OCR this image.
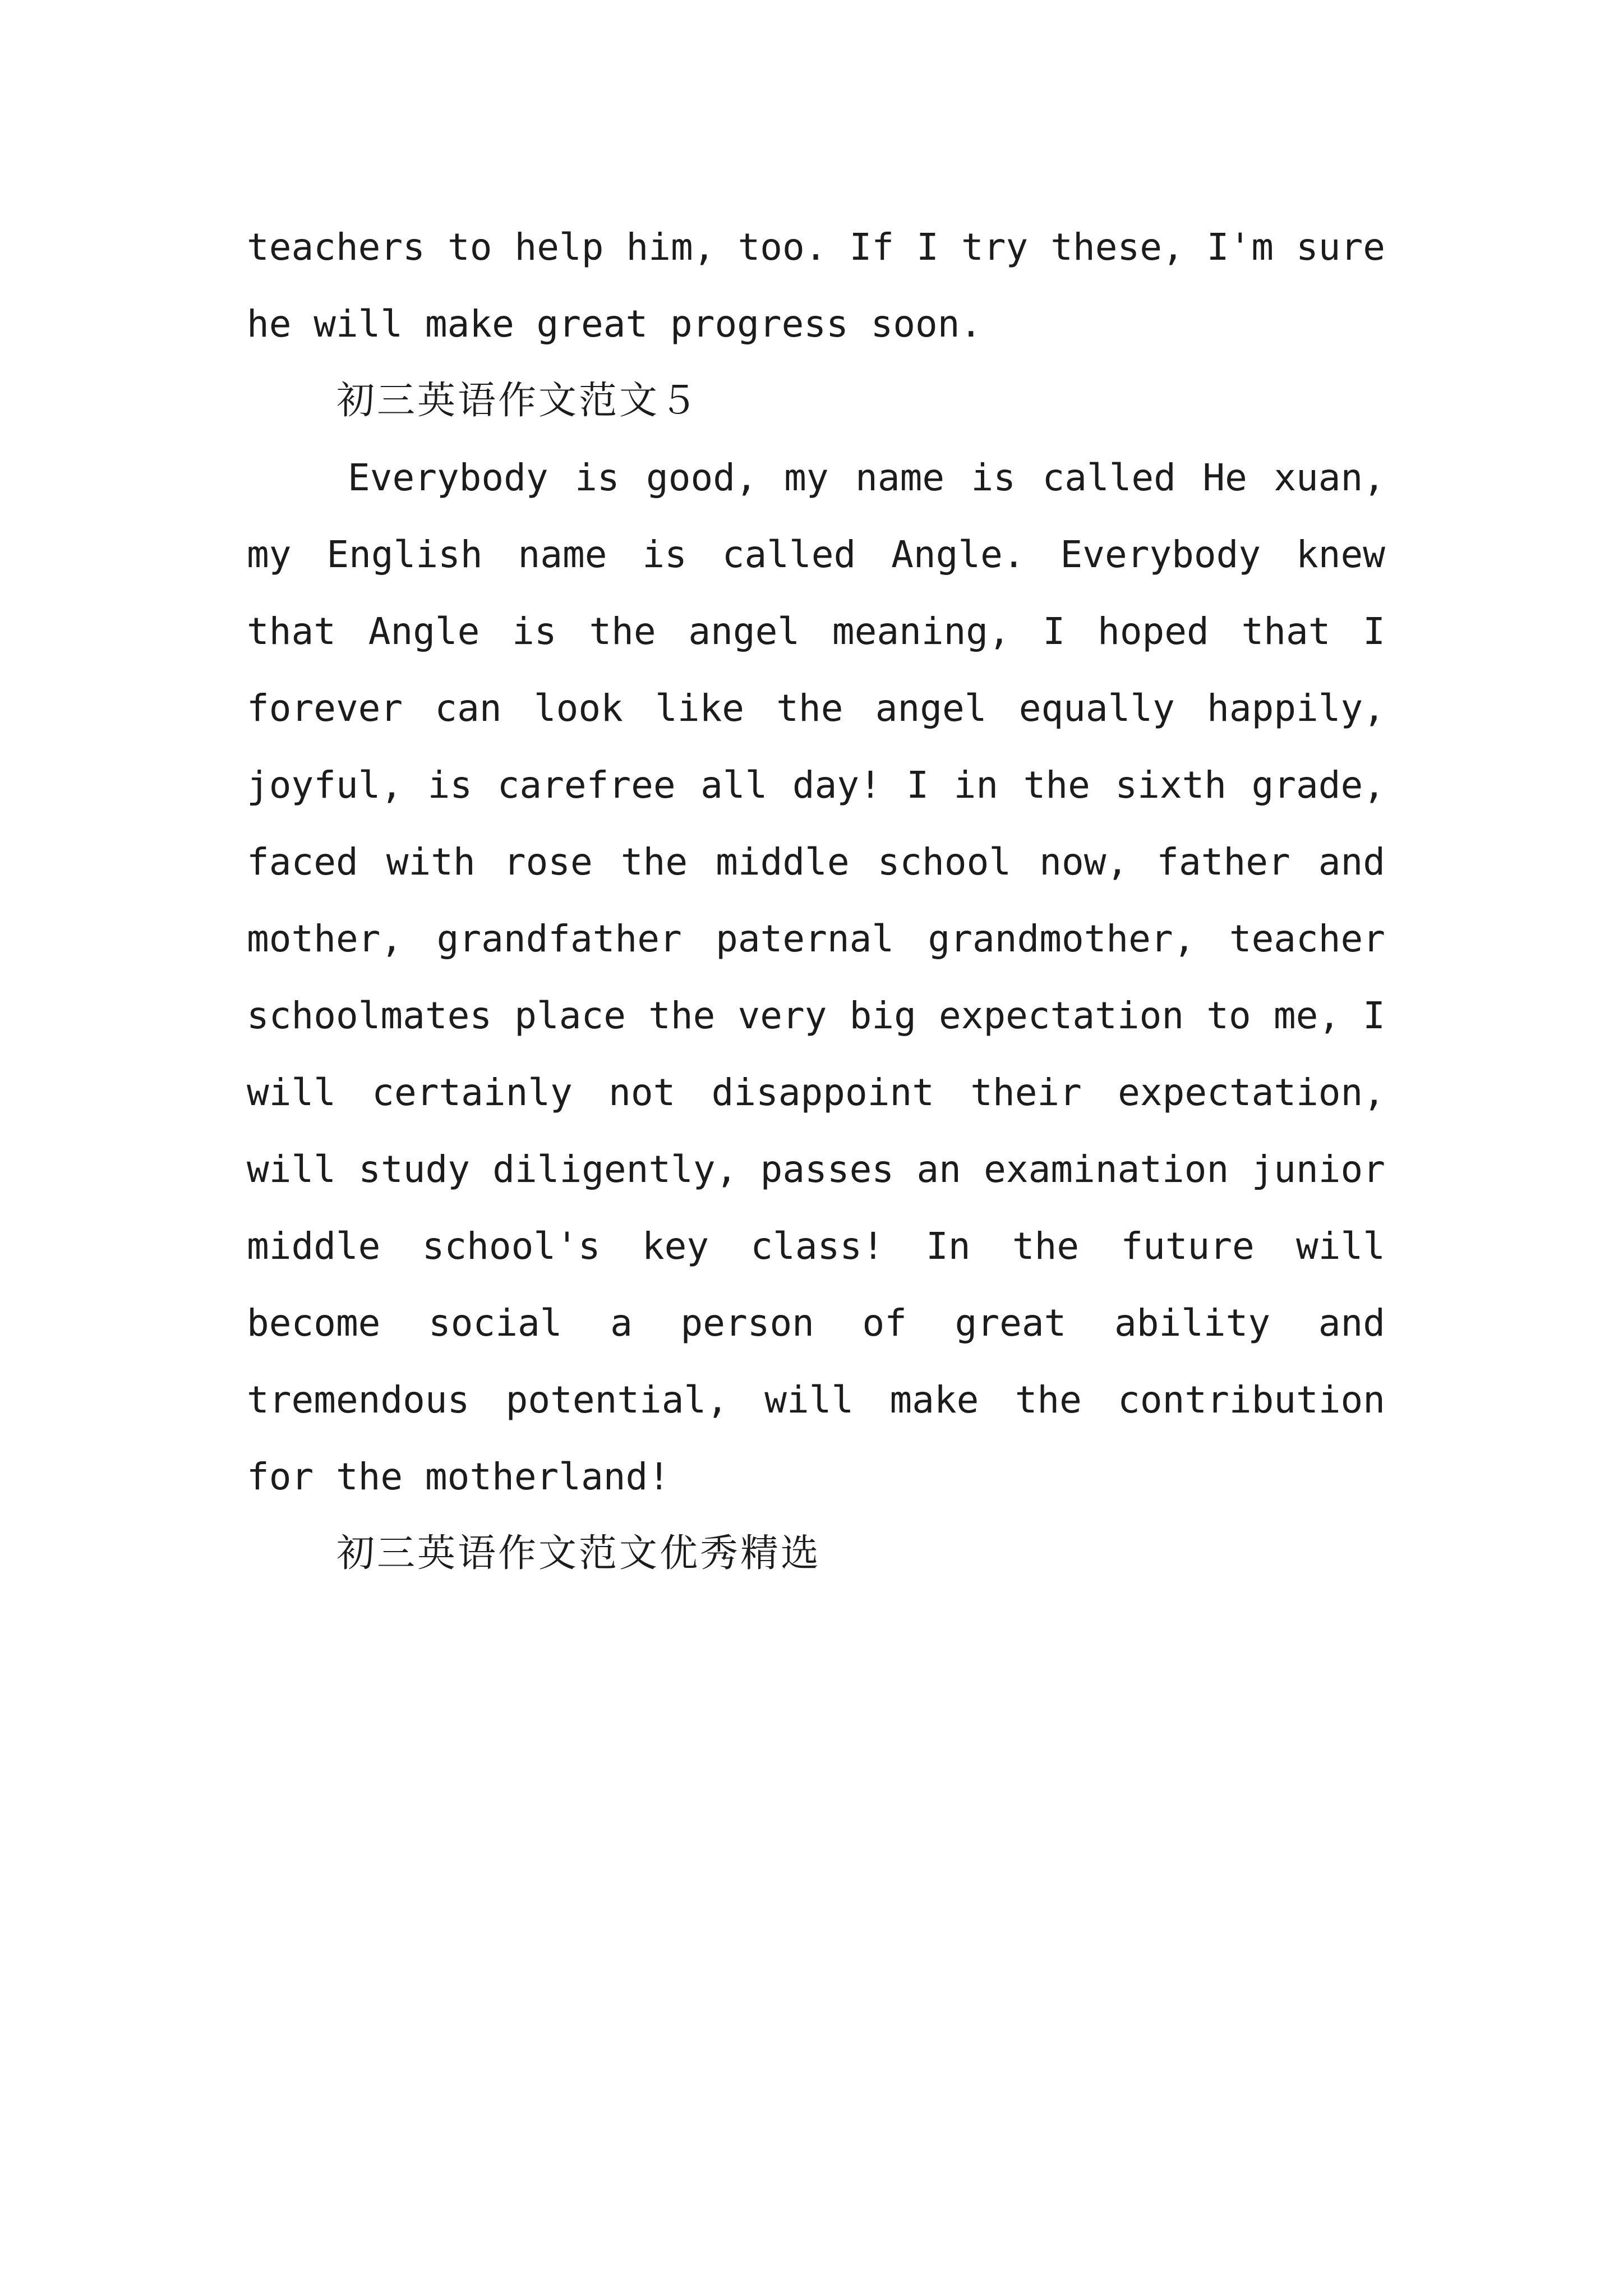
teachers to help him, too. If I try these, I'm sure
he will make great progress soon.
初三英语作文范文５
Everybody is good, my name is called He xuan,
my English name is called Angle. Everybody knew
that Angle is the angel meaning, I hoped that I
forever can look like the angel equally happily,
joyful, is carefree all day! I in the sixth grade,
faced with rose the middle school now, father and
mother, grandfather paternal grandmother, teacher
schoolmates place the very big expectation to me, I
will certainly not disappoint their expectation,
will study diligently, passes an examination junior
middle school's key class! In the future will
become social a person of great ability and
tremendous potential, will make the contribution
for the motherland!
初三英语作文范文优秀精选
